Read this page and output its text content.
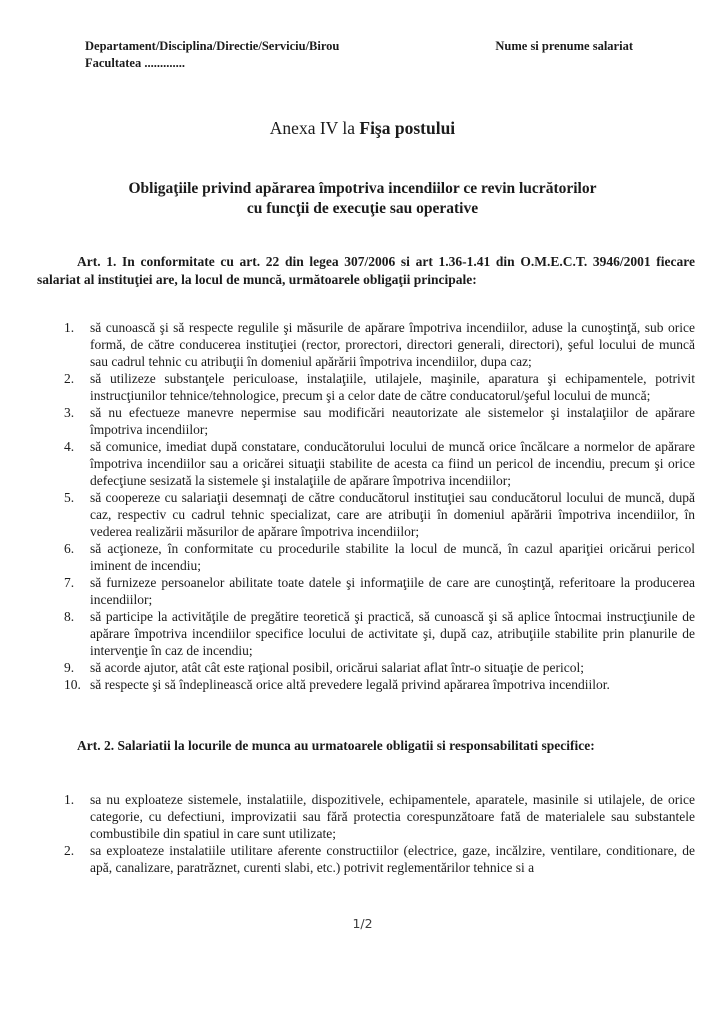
Departament/Disciplina/Directie/Serviciu/Birou
Facultatea .............
Nume si prenume salariat
Anexa IV la Fişa postului
Obligaţiile privind apărarea împotriva incendiilor ce revin lucrătorilor cu funcţii de execuţie sau operative

Art. 1. In conformitate cu art. 22 din legea 307/2006 si art 1.36-1.41 din O.M.E.C.T. 3946/2001 fiecare salariat al instituţiei are, la locul de muncă, următoarele obligaţii principale:

1.	să cunoască şi să respecte regulile şi măsurile de apărare împotriva incendiilor, aduse la cunoştinţă, sub orice formă, de către conducerea instituţiei (rector, prorectori, directori generali, directori), şeful locului de muncă sau cadrul tehnic cu atribuţii în domeniul apărării împotriva incendiilor, dupa caz;
2.	să utilizeze substanţele periculoase, instalaţiile, utilajele, maşinile, aparatura şi echipamentele, potrivit instrucţiunilor tehnice/tehnologice, precum şi a celor date de către conducatorul/şeful locului de muncă;
3.	să nu efectueze manevre nepermise sau modificări neautorizate ale sistemelor şi instalaţiilor de apărare împotriva incendiilor;
4.	să comunice, imediat după constatare, conducătorului locului de muncă orice încălcare a normelor de apărare împotriva incendiilor sau a oricărei situaţii stabilite de acesta ca fiind un pericol de incendiu, precum şi orice defecţiune sesizată la sistemele şi instalaţiile de apărare împotriva incendiilor;
5.	să coopereze cu salariaţii desemnaţi de către conducătorul instituţiei sau conducătorul locului de muncă, după caz, respectiv cu cadrul tehnic specializat, care are atribuţii în domeniul apărării împotriva incendiilor, în vederea realizării măsurilor de apărare împotriva incendiilor;
6.	să acţioneze, în conformitate cu procedurile stabilite la locul de muncă, în cazul apariţiei oricărui pericol iminent de incendiu;
7.	să furnizeze persoanelor abilitate toate datele şi informaţiile de care are cunoştinţă, referitoare la producerea incendiilor;
8.	să participe la activităţile de pregătire teoretică şi practică, să cunoască şi să aplice întocmai instrucţiunile de apărare împotriva incendiilor specifice locului de activitate şi, după caz, atribuţiile stabilite prin planurile de intervenţie în caz de incendiu;
9.	să acorde ajutor, atât cât este raţional posibil, oricărui salariat aflat într-o situaţie de pericol;
10. să respecte şi să îndeplinească orice altă prevedere legală privind apărarea împotriva incendiilor.

Art. 2. Salariatii la locurile de munca au urmatoarele obligatii si responsabilitati specifice:

1.	sa nu exploateze sistemele, instalatiile, dispozitivele, echipamentele, aparatele, masinile si utilajele, de orice categorie, cu defectiuni, improvizatii sau fără protectia corespunzătoare fată de materialele sau substantele combustibile din spatiul in care sunt utilizate;
2.	sa exploateze instalatiile utilitare aferente constructiilor (electrice, gaze, incălzire, ventilare, conditionare, de apă, canalizare, paratrăznet, curenti slabi, etc.) potrivit reglementărilor tehnice si a
1/2
